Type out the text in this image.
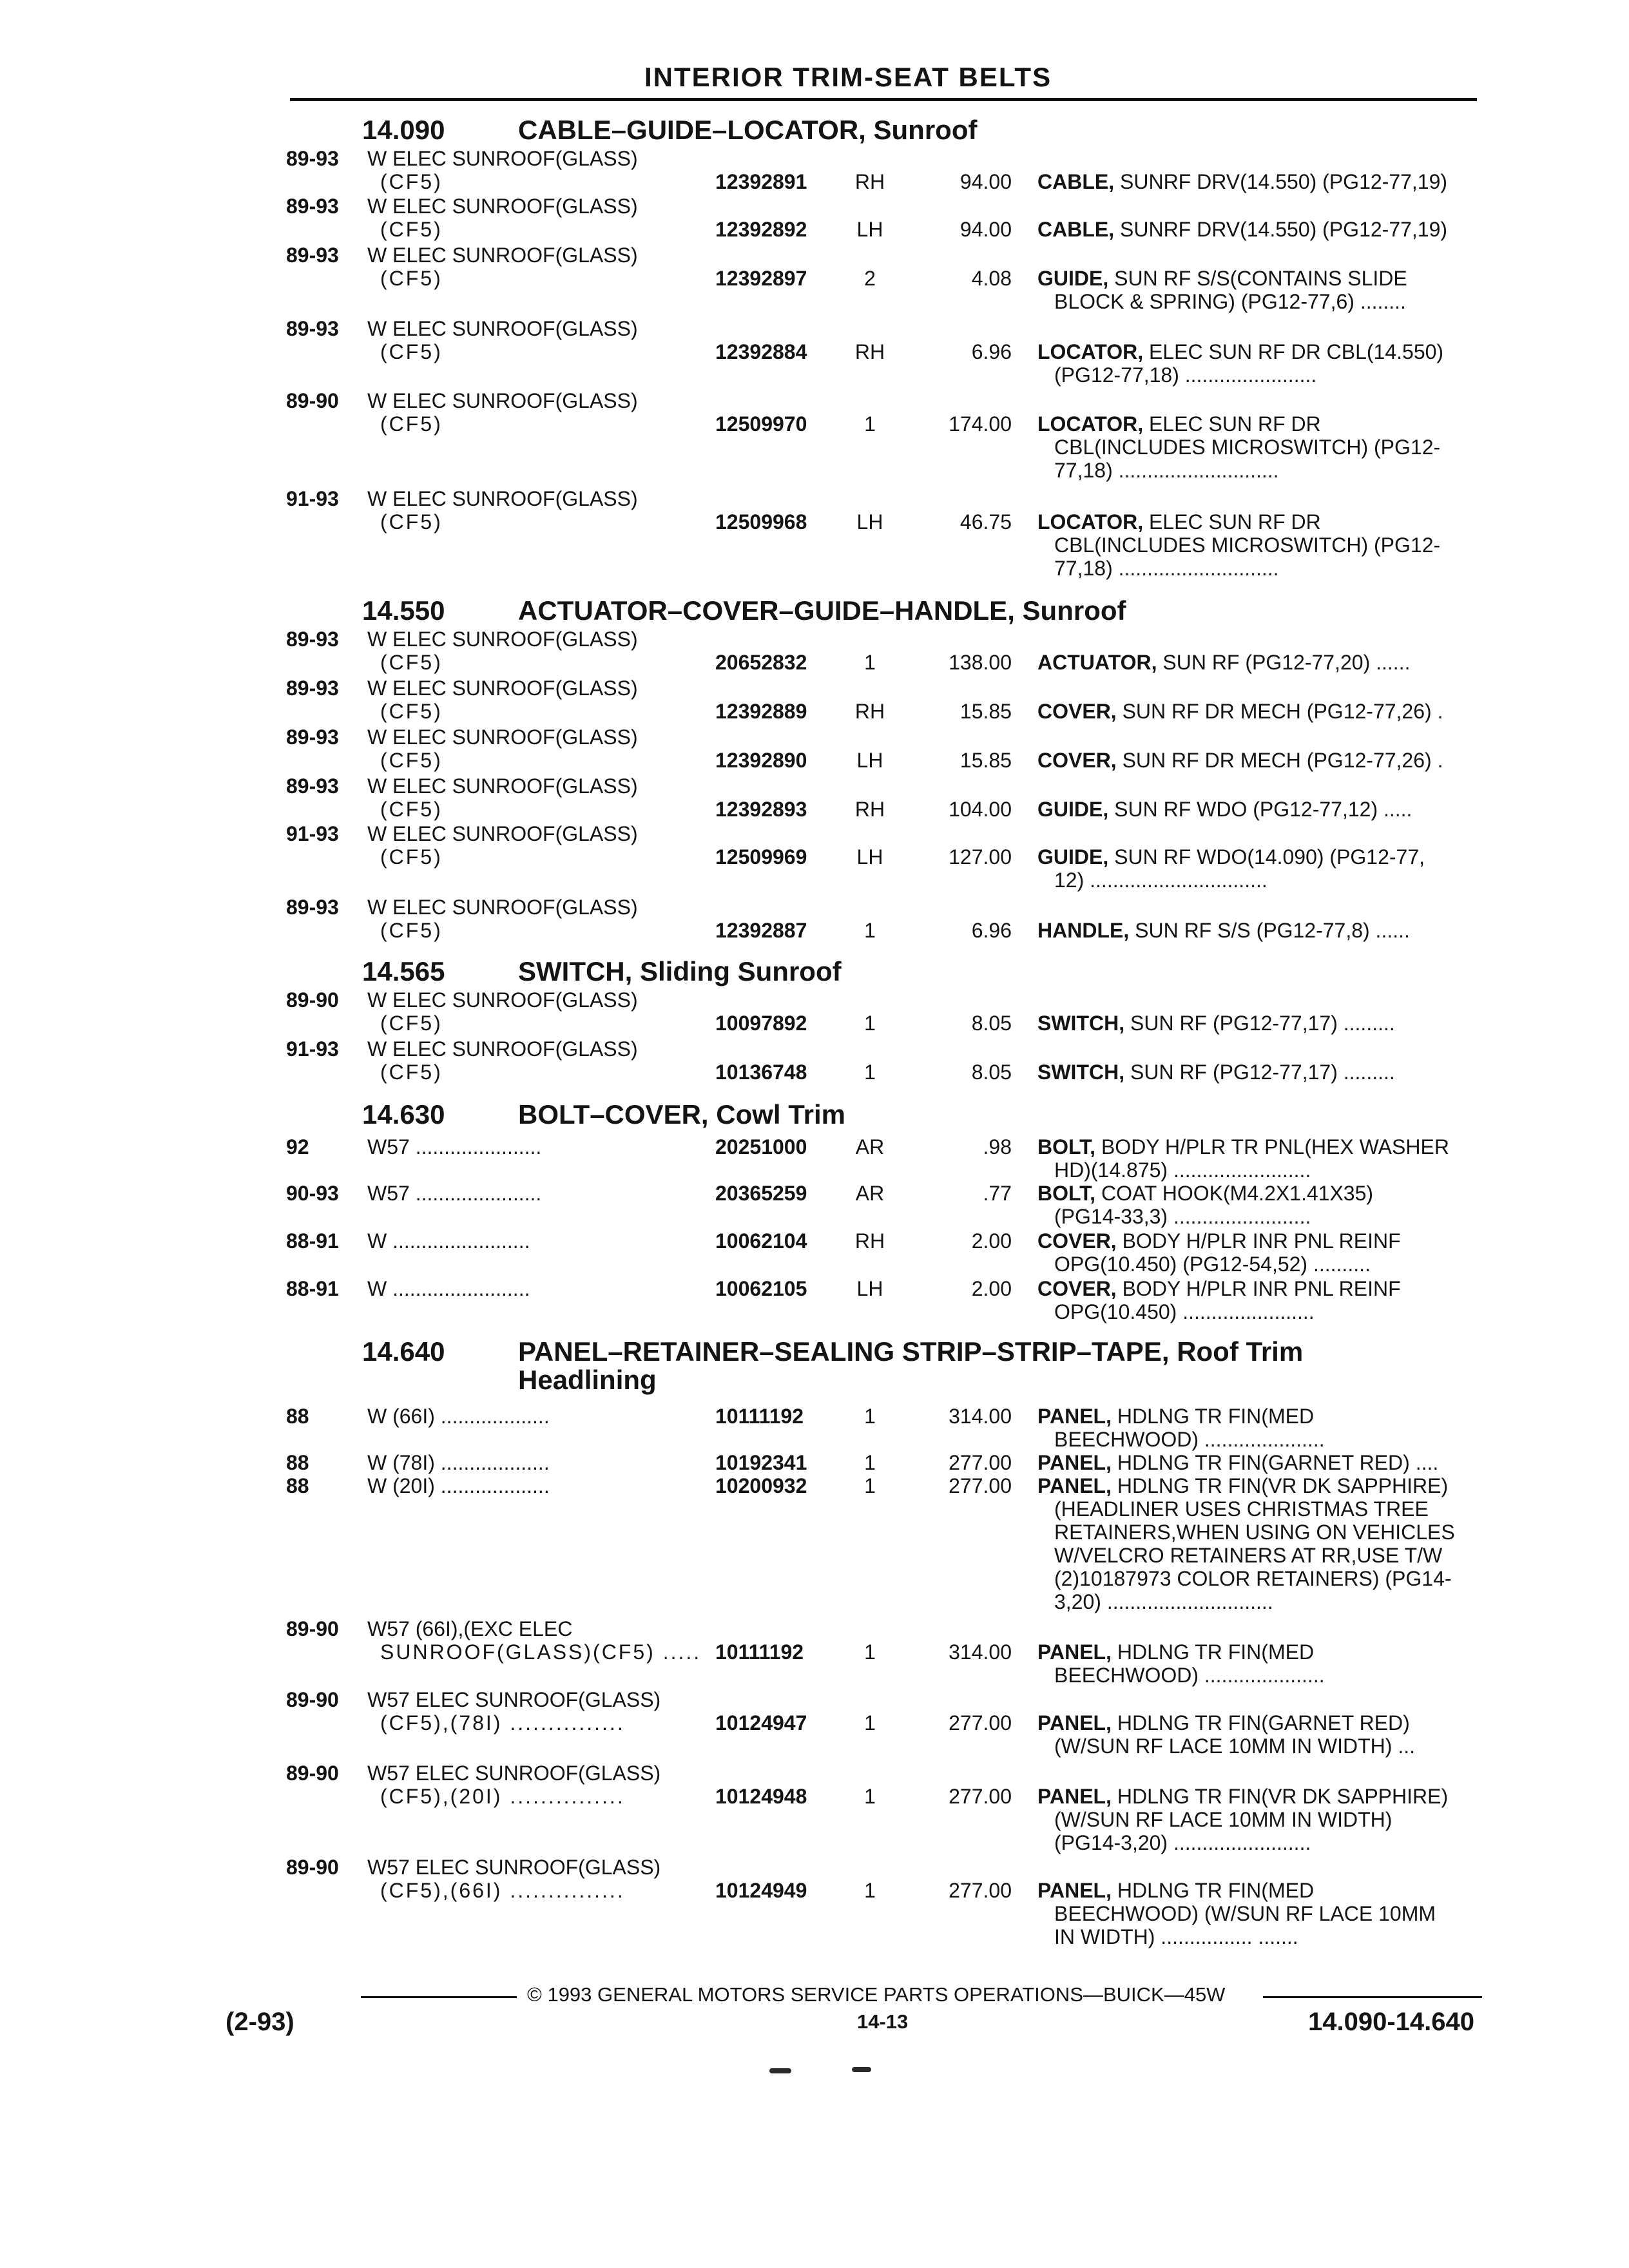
INTERIOR TRIM-SEAT BELTS
14.090	CABLE–GUIDE–LOCATOR, Sunroof
89-93 W ELEC SUNROOF(GLASS)
(CF5)	12392891	RH	94.00 CABLE, SUNRF DRV(14.550) (PG12-77,19)
89-93 W ELEC SUNROOF(GLASS)
(CF5)	12392892	LH	94.00 CABLE, SUNRF DRV(14.550) (PG12-77,19)
89-93 W ELEC SUNROOF(GLASS)
(CF5)	12392897	2	4.08 GUIDE, SUN RF S/S(CONTAINS SLIDE
BLOCK & SPRING) (PG12-77,6) ........
89-93 W ELEC SUNROOF(GLASS)
(CF5)	12392884	RH	6.96 LOCATOR, ELEC SUN RF DR CBL(14.550)
(PG12-77,18) .......................
89-90 W ELEC SUNROOF(GLASS)
(CF5)	12509970	1	174.00 LOCATOR, ELEC SUN RF DR
CBL(INCLUDES MICROSWITCH) (PG12-
77,18) ............................
91-93 W ELEC SUNROOF(GLASS)
(CF5)	12509968	LH	46.75 LOCATOR, ELEC SUN RF DR
CBL(INCLUDES MICROSWITCH) (PG12-
77,18) ............................
14.550	ACTUATOR–COVER–GUIDE–HANDLE, Sunroof
89-93 W ELEC SUNROOF(GLASS)
(CF5)	20652832	1	138.00 ACTUATOR, SUN RF (PG12-77,20) ......
89-93 W ELEC SUNROOF(GLASS)
(CF5)	12392889	RH	15.85 COVER, SUN RF DR MECH (PG12-77,26) .
89-93 W ELEC SUNROOF(GLASS)
(CF5)	12392890	LH	15.85 COVER, SUN RF DR MECH (PG12-77,26) .
89-93 W ELEC SUNROOF(GLASS)
(CF5)	12392893	RH	104.00 GUIDE, SUN RF WDO (PG12-77,12) .....
91-93 W ELEC SUNROOF(GLASS)
(CF5)	12509969	LH	127.00 GUIDE, SUN RF WDO(14.090) (PG12-77,
12) ...............................
89-93 W ELEC SUNROOF(GLASS)
(CF5)	12392887	1	6.96 HANDLE, SUN RF S/S (PG12-77,8) ......
14.565	SWITCH, Sliding Sunroof
89-90 W ELEC SUNROOF(GLASS)
(CF5)	10097892	1	8.05 SWITCH, SUN RF (PG12-77,17) .........
91-93 W ELEC SUNROOF(GLASS)
(CF5)	10136748	1	8.05 SWITCH, SUN RF (PG12-77,17) .........
14.630	BOLT–COVER, Cowl Trim
92	W57 ......................	20251000	AR	.98 BOLT, BODY H/PLR TR PNL(HEX WASHER
HD)(14.875) ........................
90-93 W57 ......................	20365259	AR	.77 BOLT, COAT HOOK(M4.2X1.41X35)
(PG14-33,3) ........................
88-91 W ........................	10062104	RH	2.00 COVER, BODY H/PLR INR PNL REINF
OPG(10.450) (PG12-54,52) ..........
88-91 W ........................	10062105	LH	2.00 COVER, BODY H/PLR INR PNL REINF
OPG(10.450) .......................
14.640	PANEL–RETAINER–SEALING STRIP–STRIP–TAPE, Roof Trim
Headlining
88	W (66I) ...................	10111192	1	314.00 PANEL, HDLNG TR FIN(MED
BEECHWOOD) .....................
88	W (78I) ...................	10192341	1	277.00 PANEL, HDLNG TR FIN(GARNET RED) ....
88	W (20I) ...................	10200932	1	277.00 PANEL, HDLNG TR FIN(VR DK SAPPHIRE)
(HEADLINER USES CHRISTMAS TREE
RETAINERS,WHEN USING ON VEHICLES
W/VELCRO RETAINERS AT RR,USE T/W
(2)10187973 COLOR RETAINERS) (PG14-
3,20) .............................
89-90 W57 (66I),(EXC ELEC
SUNROOF(GLASS)(CF5) ..... 10111192	1	314.00 PANEL, HDLNG TR FIN(MED
BEECHWOOD) .....................
89-90 W57 ELEC SUNROOF(GLASS)
(CF5),(78I) ...............	10124947	1	277.00 PANEL, HDLNG TR FIN(GARNET RED)
(W/SUN RF LACE 10MM IN WIDTH) ...
89-90 W57 ELEC SUNROOF(GLASS)
(CF5),(20I) ...............	10124948	1	277.00 PANEL, HDLNG TR FIN(VR DK SAPPHIRE)
(W/SUN RF LACE 10MM IN WIDTH)
(PG14-3,20) ........................
89-90 W57 ELEC SUNROOF(GLASS)
(CF5),(66I) ...............	10124949	1	277.00 PANEL, HDLNG TR FIN(MED
BEECHWOOD) (W/SUN RF LACE 10MM
IN WIDTH) ................ .......
© 1993 GENERAL MOTORS SERVICE PARTS OPERATIONS—BUICK—45W
(2-93)	14-13	14.090-14.640
